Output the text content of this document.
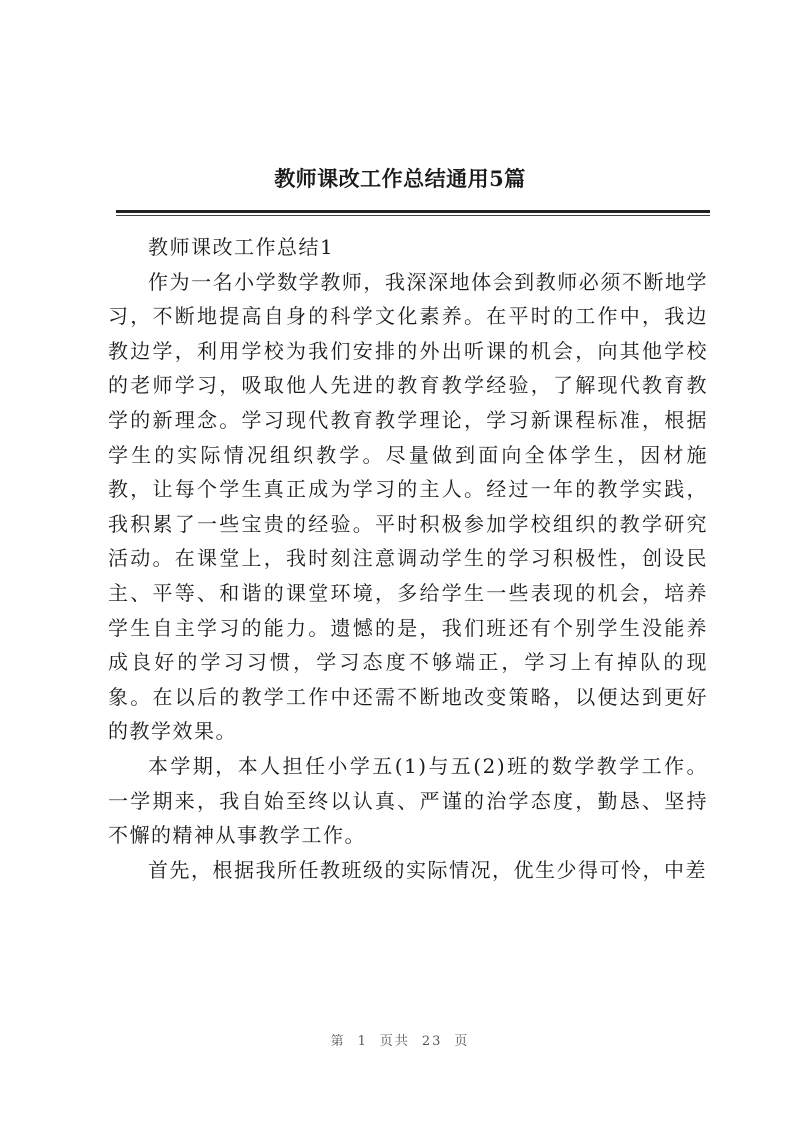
教师课改工作总结通用5篇

教师课改工作总结1

作为一名小学数学教师，我深深地体会到教师必须不断地学习，不断地提高自身的科学文化素养。在平时的工作中，我边教边学，利用学校为我们安排的外出听课的机会，向其他学校的老师学习，吸取他人先进的教育教学经验，了解现代教育教学的新理念。学习现代教育教学理论，学习新课程标准，根据学生的实际情况组织教学。尽量做到面向全体学生，因材施教，让每个学生真正成为学习的主人。经过一年的教学实践，我积累了一些宝贵的经验。平时积极参加学校组织的教学研究活动。在课堂上，我时刻注意调动学生的学习积极性，创设民主、平等、和谐的课堂环境，多给学生一些表现的机会，培养学生自主学习的能力。遗憾的是，我们班还有个别学生没能养成良好的学习习惯，学习态度不够端正，学习上有掉队的现象。在以后的教学工作中还需不断地改变策略，以便达到更好的教学效果。

本学期，本人担任小学五(1)与五(2)班的数学教学工作。一学期来，我自始至终以认真、严谨的治学态度，勤恳、坚持不懈的精神从事教学工作。

首先，根据我所任教班级的实际情况，优生少得可怜，中差

第 1 页共 23 页
